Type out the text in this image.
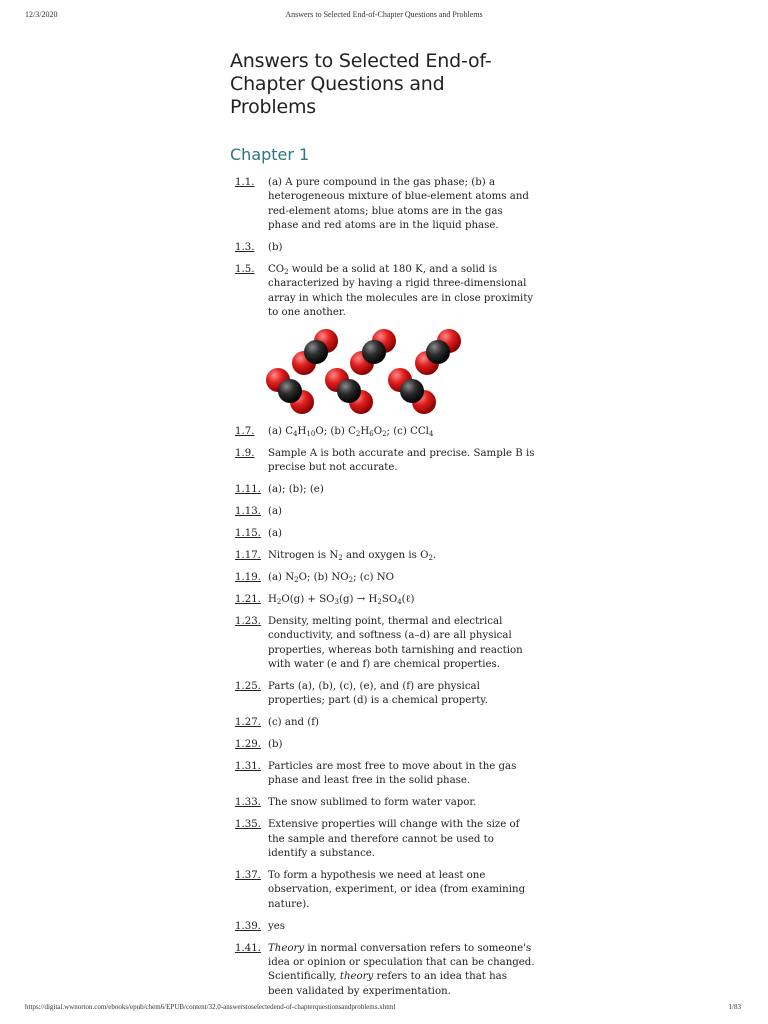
12/3/2020	Answers to Selected End-of-Chapter Questions and Problems
Answers to Selected End-of-Chapter Questions and Problems
Chapter 1
1.1. (a) A pure compound in the gas phase; (b) a heterogeneous mixture of blue-element atoms and red-element atoms; blue atoms are in the gas phase and red atoms are in the liquid phase.
1.3. (b)
1.5. $CO_2$ would be a solid at 180 K, and a solid is characterized by having a rigid three-dimensional array in which the molecules are in close proximity to one another.
1.7. (a) $C_4H_{10}O$; (b) $C_2H_6O_2$; (c) CCl$_4$
1.9. Sample A is both accurate and precise. Sample B is precise but not accurate.
1.11. (a); (b); (e)
1.13. (a)
1.15. (a)
1.17. Nitrogen is $N_2$ and oxygen is $O_2$.
1.19. (a) $N_2O$; (b) $NO_2$; (c) NO
1.21. $H_2O(g) + SO_3(g)$ → $H_2SO_4(\ell)$
1.23. Density, melting point, thermal and electrical conductivity, and softness (a–d) are all physical properties, whereas both tarnishing and reaction with water (e and f) are chemical properties.
1.25. Parts (a), (b), (c), (e), and (f) are physical properties; part (d) is a chemical property.
1.27. (c) and (f)
1.29. (b)
1.31. Particles are most free to move about in the gas phase and least free in the solid phase.
1.33. The snow sublimed to form water vapor.
1.35. Extensive properties will change with the size of the sample and therefore cannot be used to identify a substance.
1.37. To form a hypothesis we need at least one observation, experiment, or idea (from examining nature).
1.39. yes
1.41. Theory in normal conversation refers to someone's idea or opinion or speculation that can be changed. Scientifically, theory refers to an idea that has been validated by experimentation.
https://digital.wwnorton.com/ebooks/epub/chem6/EPUB/content/32.0-answerstoselectedend-of-chapterquestionsandproblems.xhtml	1/83
